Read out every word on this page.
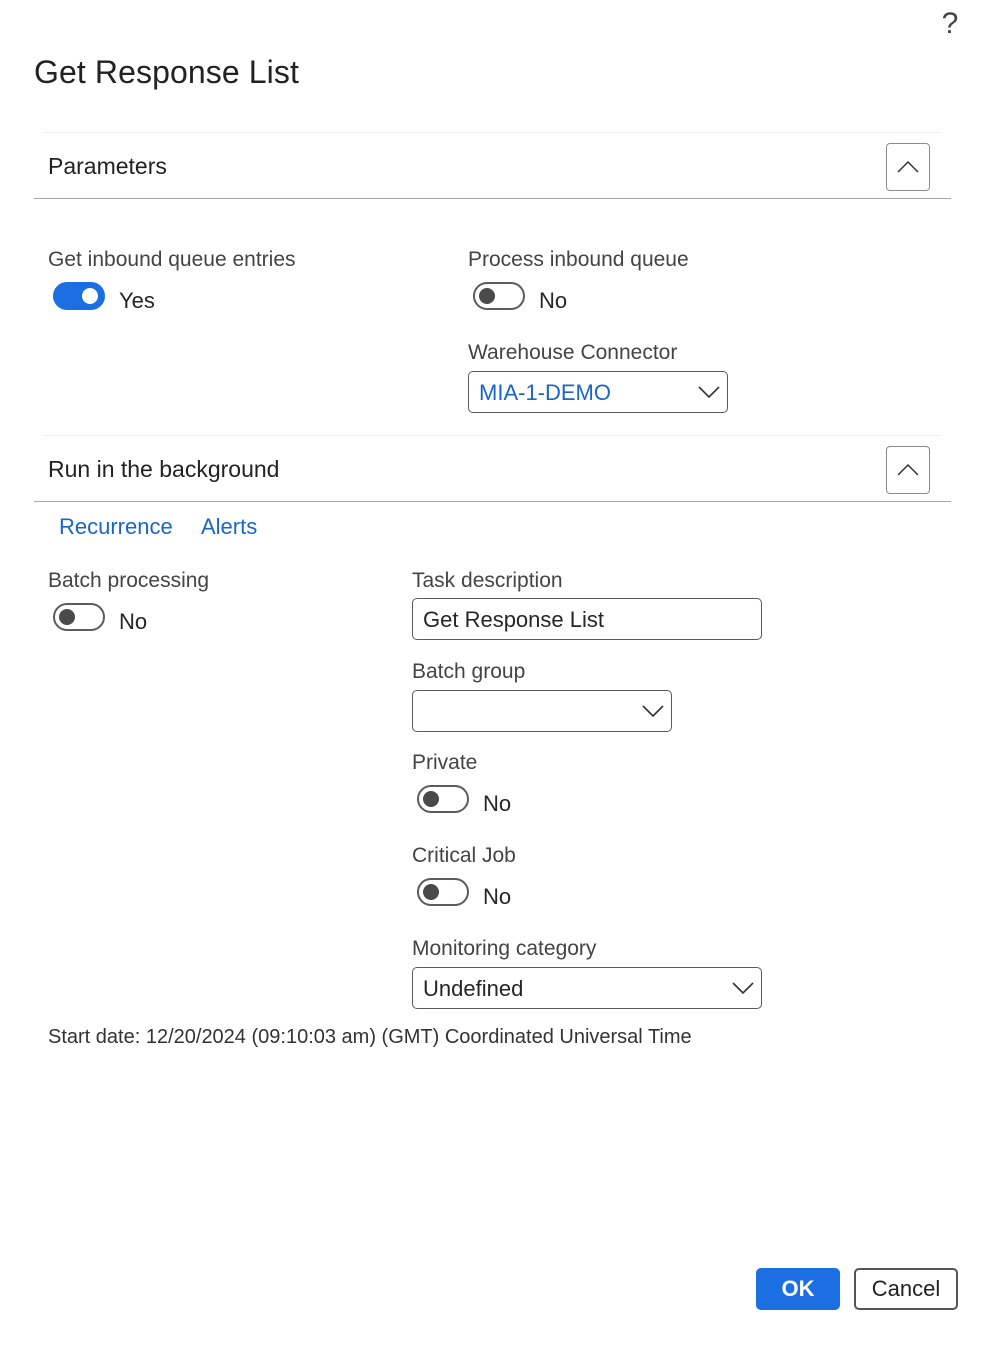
?
Get Response List
Parameters
Get inbound queue entries
Yes
Process inbound queue
No
Warehouse Connector
MIA-1-DEMO
Run in the background
Recurrence Alerts
Batch processing
No
Task description
Get Response List
Batch group
Private
No
Critical Job
No
Monitoring category
Undefined
Start date: 12/20/2024 (09:10:03 am) (GMT) Coordinated Universal Time
OK	Cancel
